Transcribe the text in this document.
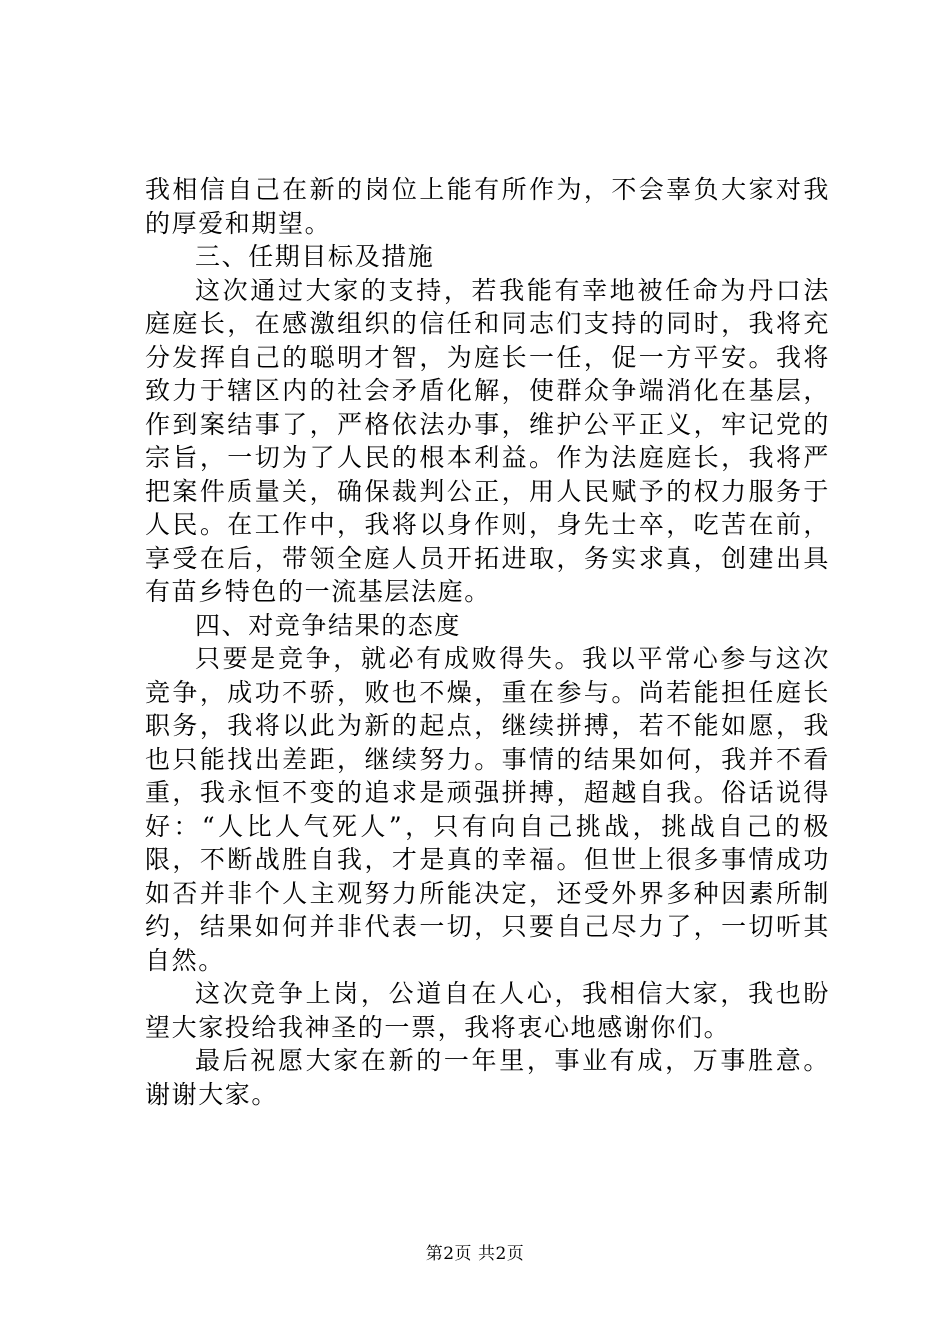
我相信自己在新的岗位上能有所作为，不会辜负大家对我的厚爱和期望。

三、任期目标及措施

这次通过大家的支持，若我能有幸地被任命为丹口法庭庭长，在感激组织的信任和同志们支持的同时，我将充分发挥自己的聪明才智，为庭长一任，促一方平安。我将致力于辖区内的社会矛盾化解，使群众争端消化在基层，作到案结事了，严格依法办事，维护公平正义，牢记党的宗旨，一切为了人民的根本利益。作为法庭庭长，我将严把案件质量关，确保裁判公正，用人民赋予的权力服务于人民。在工作中，我将以身作则，身先士卒，吃苦在前，享受在后，带领全庭人员开拓进取，务实求真，创建出具有苗乡特色的一流基层法庭。

四、对竞争结果的态度

只要是竞争，就必有成败得失。我以平常心参与这次竞争，成功不骄，败也不燥，重在参与。尚若能担任庭长职务，我将以此为新的起点，继续拼搏，若不能如愿，我也只能找出差距，继续努力。事情的结果如何，我并不看重，我永恒不变的追求是顽强拼搏，超越自我。俗话说得好：“人比人气死人”，只有向自己挑战，挑战自己的极限，不断战胜自我，才是真的幸福。但世上很多事情成功如否并非个人主观努力所能决定，还受外界多种因素所制约，结果如何并非代表一切，只要自己尽力了，一切听其自然。

这次竞争上岗，公道自在人心，我相信大家，我也盼望大家投给我神圣的一票，我将衷心地感谢你们。

最后祝愿大家在新的一年里，事业有成，万事胜意。谢谢大家。

第2页 共2页
